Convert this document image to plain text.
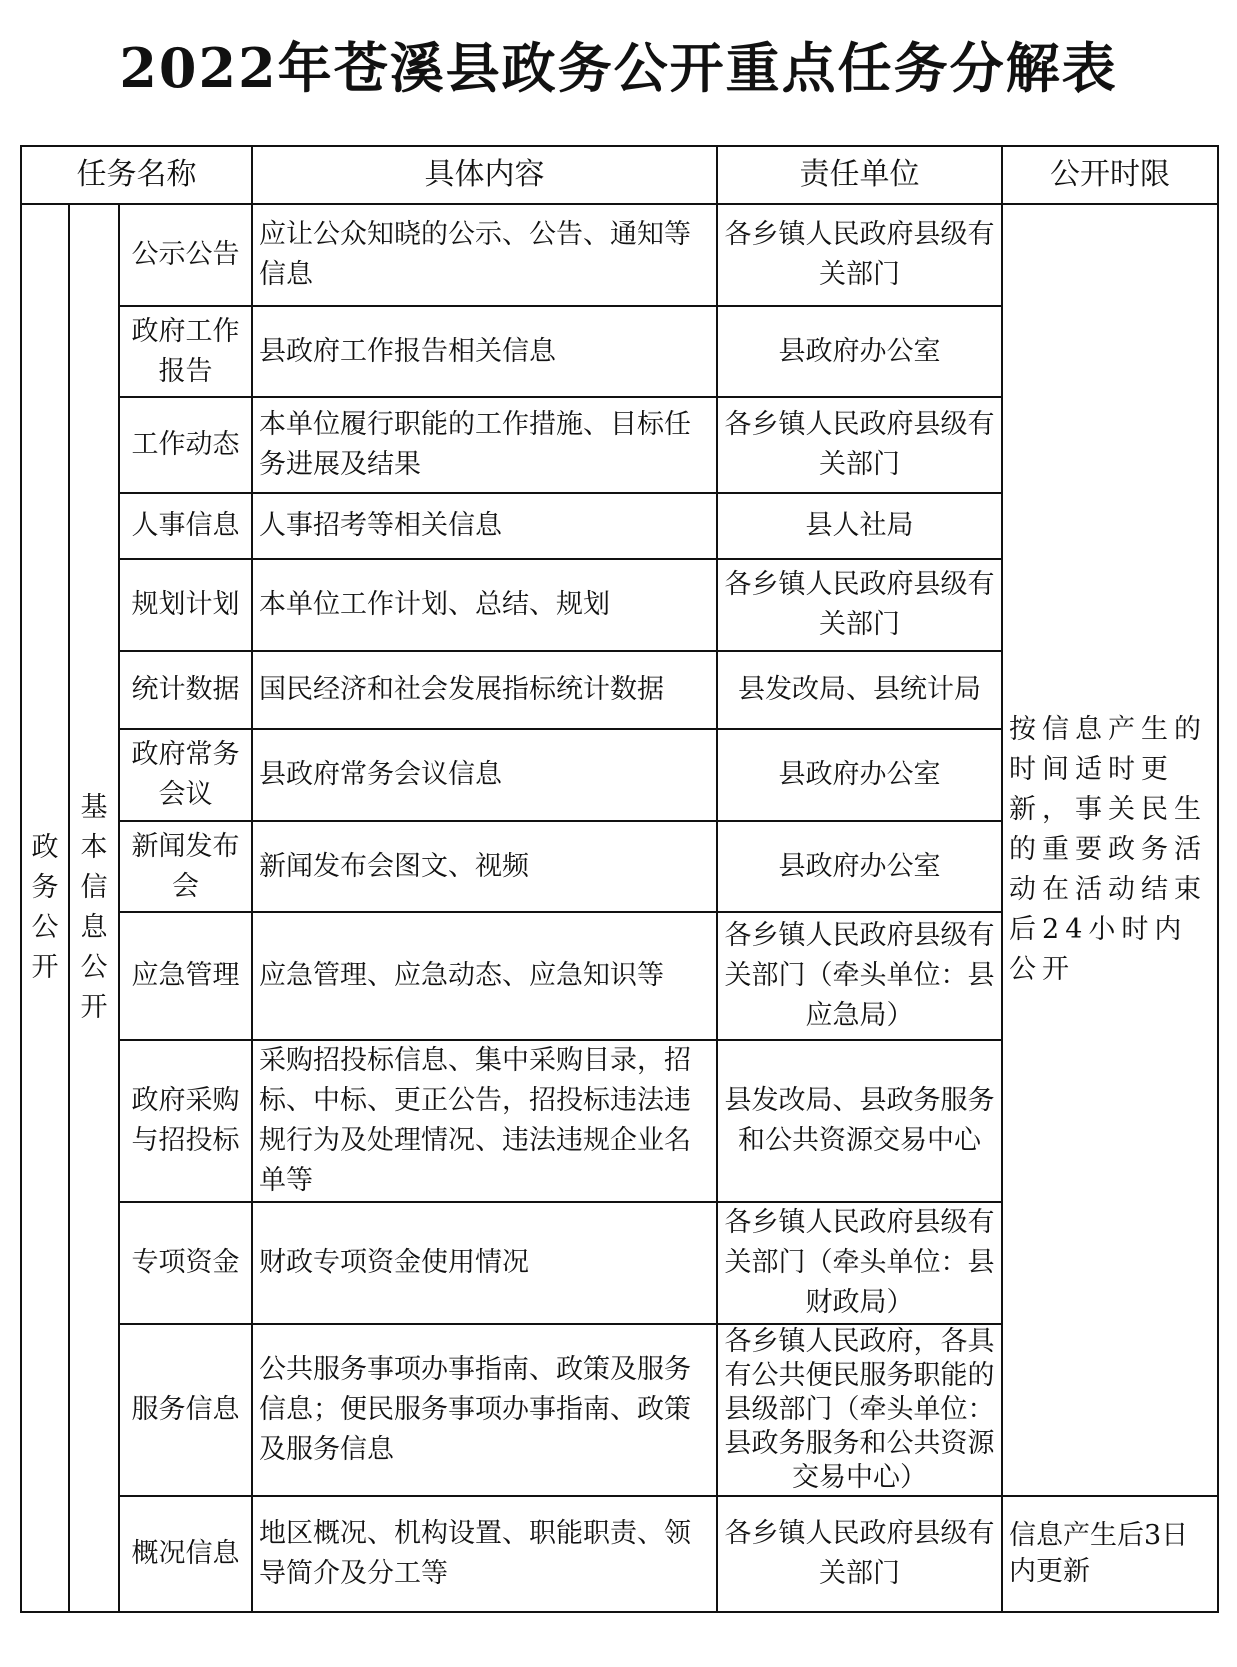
2022年苍溪县政务公开重点任务分解表
任务名称			具体内容	责任单位	公开时限
政务公开	基本信息公开	公示公告	应让公众知晓的公示、公告、通知等信息	各乡镇人民政府县级有关部门	按信息产生的时间适时更新，事关民生的重要政务活动在活动结束后24小时内公开
		政府工作报告	县政府工作报告相关信息	县政府办公室	
		工作动态	本单位履行职能的工作措施、目标任务进展及结果	各乡镇人民政府县级有关部门	
		人事信息	人事招考等相关信息	县人社局	
		规划计划	本单位工作计划、总结、规划	各乡镇人民政府县级有关部门	
		统计数据	国民经济和社会发展指标统计数据	县发改局、县统计局	
		政府常务会议	县政府常务会议信息	县政府办公室	
		新闻发布会	新闻发布会图文、视频	县政府办公室	
		应急管理	应急管理、应急动态、应急知识等	各乡镇人民政府县级有关部门（牵头单位：县应急局）	
		政府采购与招投标	采购招投标信息、集中采购目录，招标、中标、更正公告，招投标违法违规行为及处理情况、违法违规企业名单等	县发改局、县政务服务和公共资源交易中心	
		专项资金	财政专项资金使用情况	各乡镇人民政府县级有关部门（牵头单位：县财政局）	
		服务信息	公共服务事项办事指南、政策及服务信息；便民服务事项办事指南、政策及服务信息	各乡镇人民政府，各具有公共便民服务职能的县级部门（牵头单位：县政务服务和公共资源交易中心）	
		概况信息	地区概况、机构设置、职能职责、领导简介及分工等	各乡镇人民政府县级有关部门	信息产生后3日内更新
